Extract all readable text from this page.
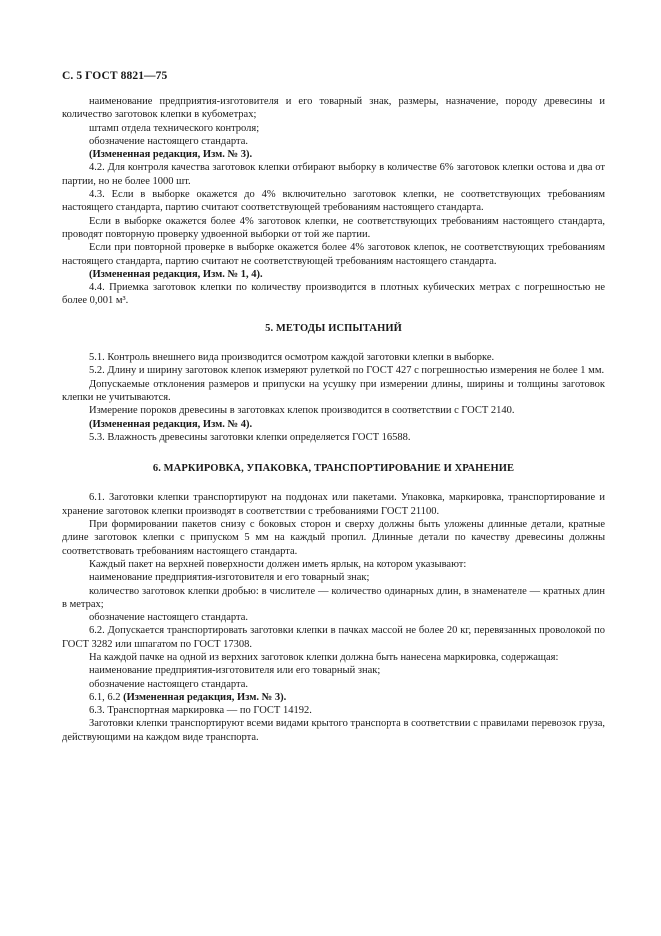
С. 5 ГОСТ 8821—75

наименование предприятия-изготовителя и его товарный знак, размеры, назначение, породу древесины и количество заготовок клепки в кубометрах;

штамп отдела технического контроля;

обозначение настоящего стандарта.

(Измененная редакция, Изм. № 3).

4.2. Для контроля качества заготовок клепки отбирают выборку в количестве 6% заготовок клепки остова и два от партии, но не более 1000 шт.

4.3. Если в выборке окажется до 4% включительно заготовок клепки, не соответствующих требованиям настоящего стандарта, партию считают соответствующей требованиям настоящего стандарта.

Если в выборке окажется более 4% заготовок клепки, не соответствующих требованиям настоящего стандарта, проводят повторную проверку удвоенной выборки от той же партии.

Если при повторной проверке в выборке окажется более 4% заготовок клепок, не соответствующих требованиям настоящего стандарта, партию считают не соответствующей требованиям настоящего стандарта.

(Измененная редакция, Изм. № 1, 4).

4.4. Приемка заготовок клепки по количеству производится в плотных кубических метрах с погрешностью не более 0,001 м³.

5. МЕТОДЫ ИСПЫТАНИЙ

5.1. Контроль внешнего вида производится осмотром каждой заготовки клепки в выборке.

5.2. Длину и ширину заготовок клепок измеряют рулеткой по ГОСТ 427 с погрешностью измерения не более 1 мм.

Допускаемые отклонения размеров и припуски на усушку при измерении длины, ширины и толщины заготовок клепки не учитываются.

Измерение пороков древесины в заготовках клепок производится в соответствии с ГОСТ 2140.

(Измененная редакция, Изм. № 4).

5.3. Влажность древесины заготовки клепки определяется ГОСТ 16588.

6. МАРКИРОВКА, УПАКОВКА, ТРАНСПОРТИРОВАНИЕ И ХРАНЕНИЕ

6.1. Заготовки клепки транспортируют на поддонах или пакетами. Упаковка, маркировка, транспортирование и хранение заготовок клепки производят в соответствии с требованиями ГОСТ 21100.

При формировании пакетов снизу с боковых сторон и сверху должны быть уложены длинные детали, кратные длине заготовок клепки с припуском 5 мм на каждый пропил. Длинные детали по качеству древесины должны соответствовать требованиям настоящего стандарта.

Каждый пакет на верхней поверхности должен иметь ярлык, на котором указывают:

наименование предприятия-изготовителя и его товарный знак;

количество заготовок клепки дробью: в числителе — количество одинарных длин, в знаменателе — кратных длин в метрах;

обозначение настоящего стандарта.

6.2. Допускается транспортировать заготовки клепки в пачках массой не более 20 кг, перевязанных проволокой по ГОСТ 3282 или шпагатом по ГОСТ 17308.

На каждой пачке на одной из верхних заготовок клепки должна быть нанесена маркировка, содержащая:

наименование предприятия-изготовителя или его товарный знак;

обозначение настоящего стандарта.

6.1, 6.2 (Измененная редакция, Изм. № 3).

6.3. Транспортная маркировка — по ГОСТ 14192.

Заготовки клепки транспортируют всеми видами крытого транспорта в соответствии с правилами перевозок груза, действующими на каждом виде транспорта.
